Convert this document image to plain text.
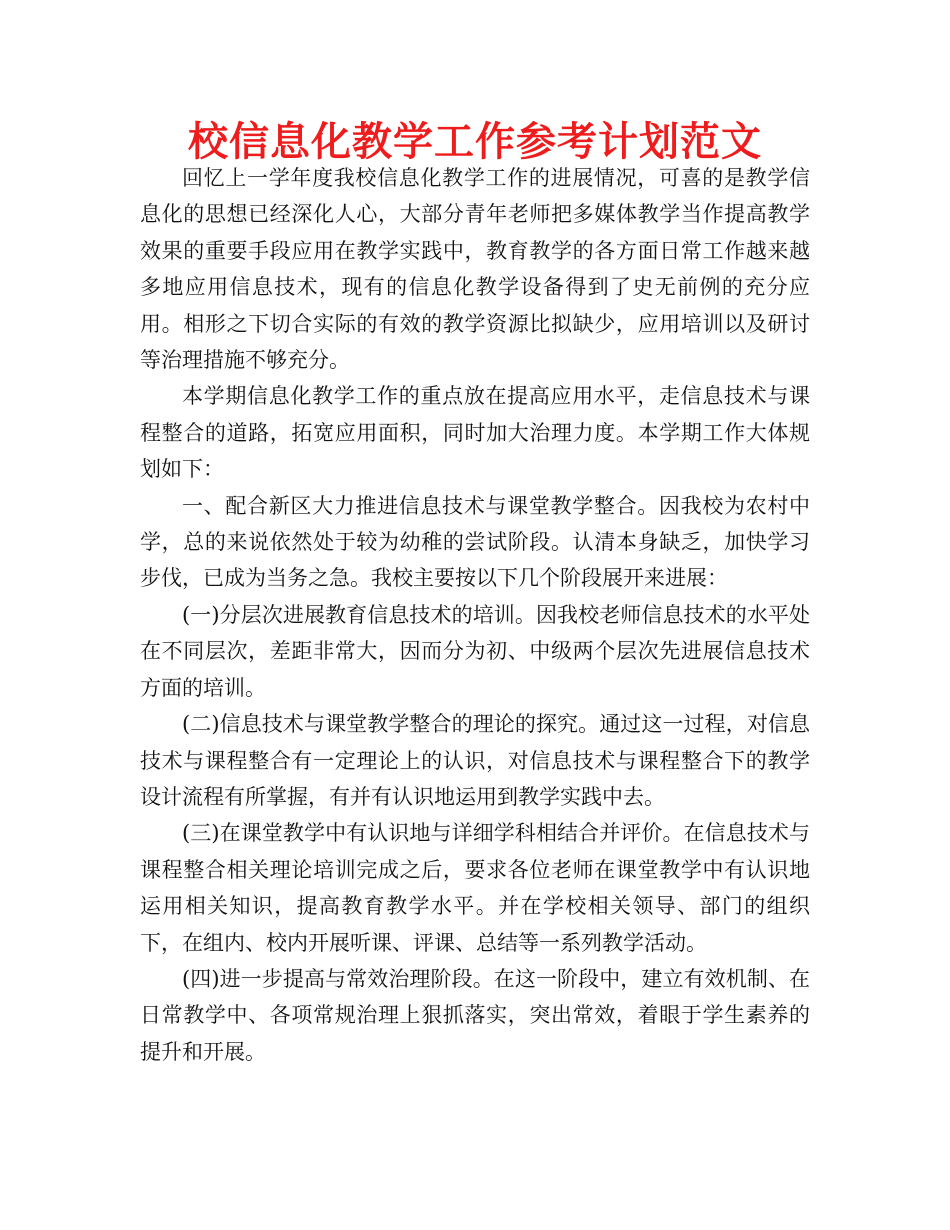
校信息化教学工作参考计划范文

回忆上一学年度我校信息化教学工作的进展情况，可喜的是教学信息化的思想已经深化人心，大部分青年老师把多媒体教学当作提高教学效果的重要手段应用在教学实践中，教育教学的各方面日常工作越来越多地应用信息技术，现有的信息化教学设备得到了史无前例的充分应用。相形之下切合实际的有效的教学资源比拟缺少，应用培训以及研讨等治理措施不够充分。

本学期信息化教学工作的重点放在提高应用水平，走信息技术与课程整合的道路，拓宽应用面积，同时加大治理力度。本学期工作大体规划如下：

一、配合新区大力推进信息技术与课堂教学整合。因我校为农村中学，总的来说依然处于较为幼稚的尝试阶段。认清本身缺乏，加快学习步伐，已成为当务之急。我校主要按以下几个阶段展开来进展：

(一)分层次进展教育信息技术的培训。因我校老师信息技术的水平处在不同层次，差距非常大，因而分为初、中级两个层次先进展信息技术方面的培训。

(二)信息技术与课堂教学整合的理论的探究。通过这一过程，对信息技术与课程整合有一定理论上的认识，对信息技术与课程整合下的教学设计流程有所掌握，有并有认识地运用到教学实践中去。

(三)在课堂教学中有认识地与详细学科相结合并评价。在信息技术与课程整合相关理论培训完成之后，要求各位老师在课堂教学中有认识地运用相关知识，提高教育教学水平。并在学校相关领导、部门的组织下，在组内、校内开展听课、评课、总结等一系列教学活动。

(四)进一步提高与常效治理阶段。在这一阶段中，建立有效机制、在日常教学中、各项常规治理上狠抓落实，突出常效，着眼于学生素养的提升和开展。
